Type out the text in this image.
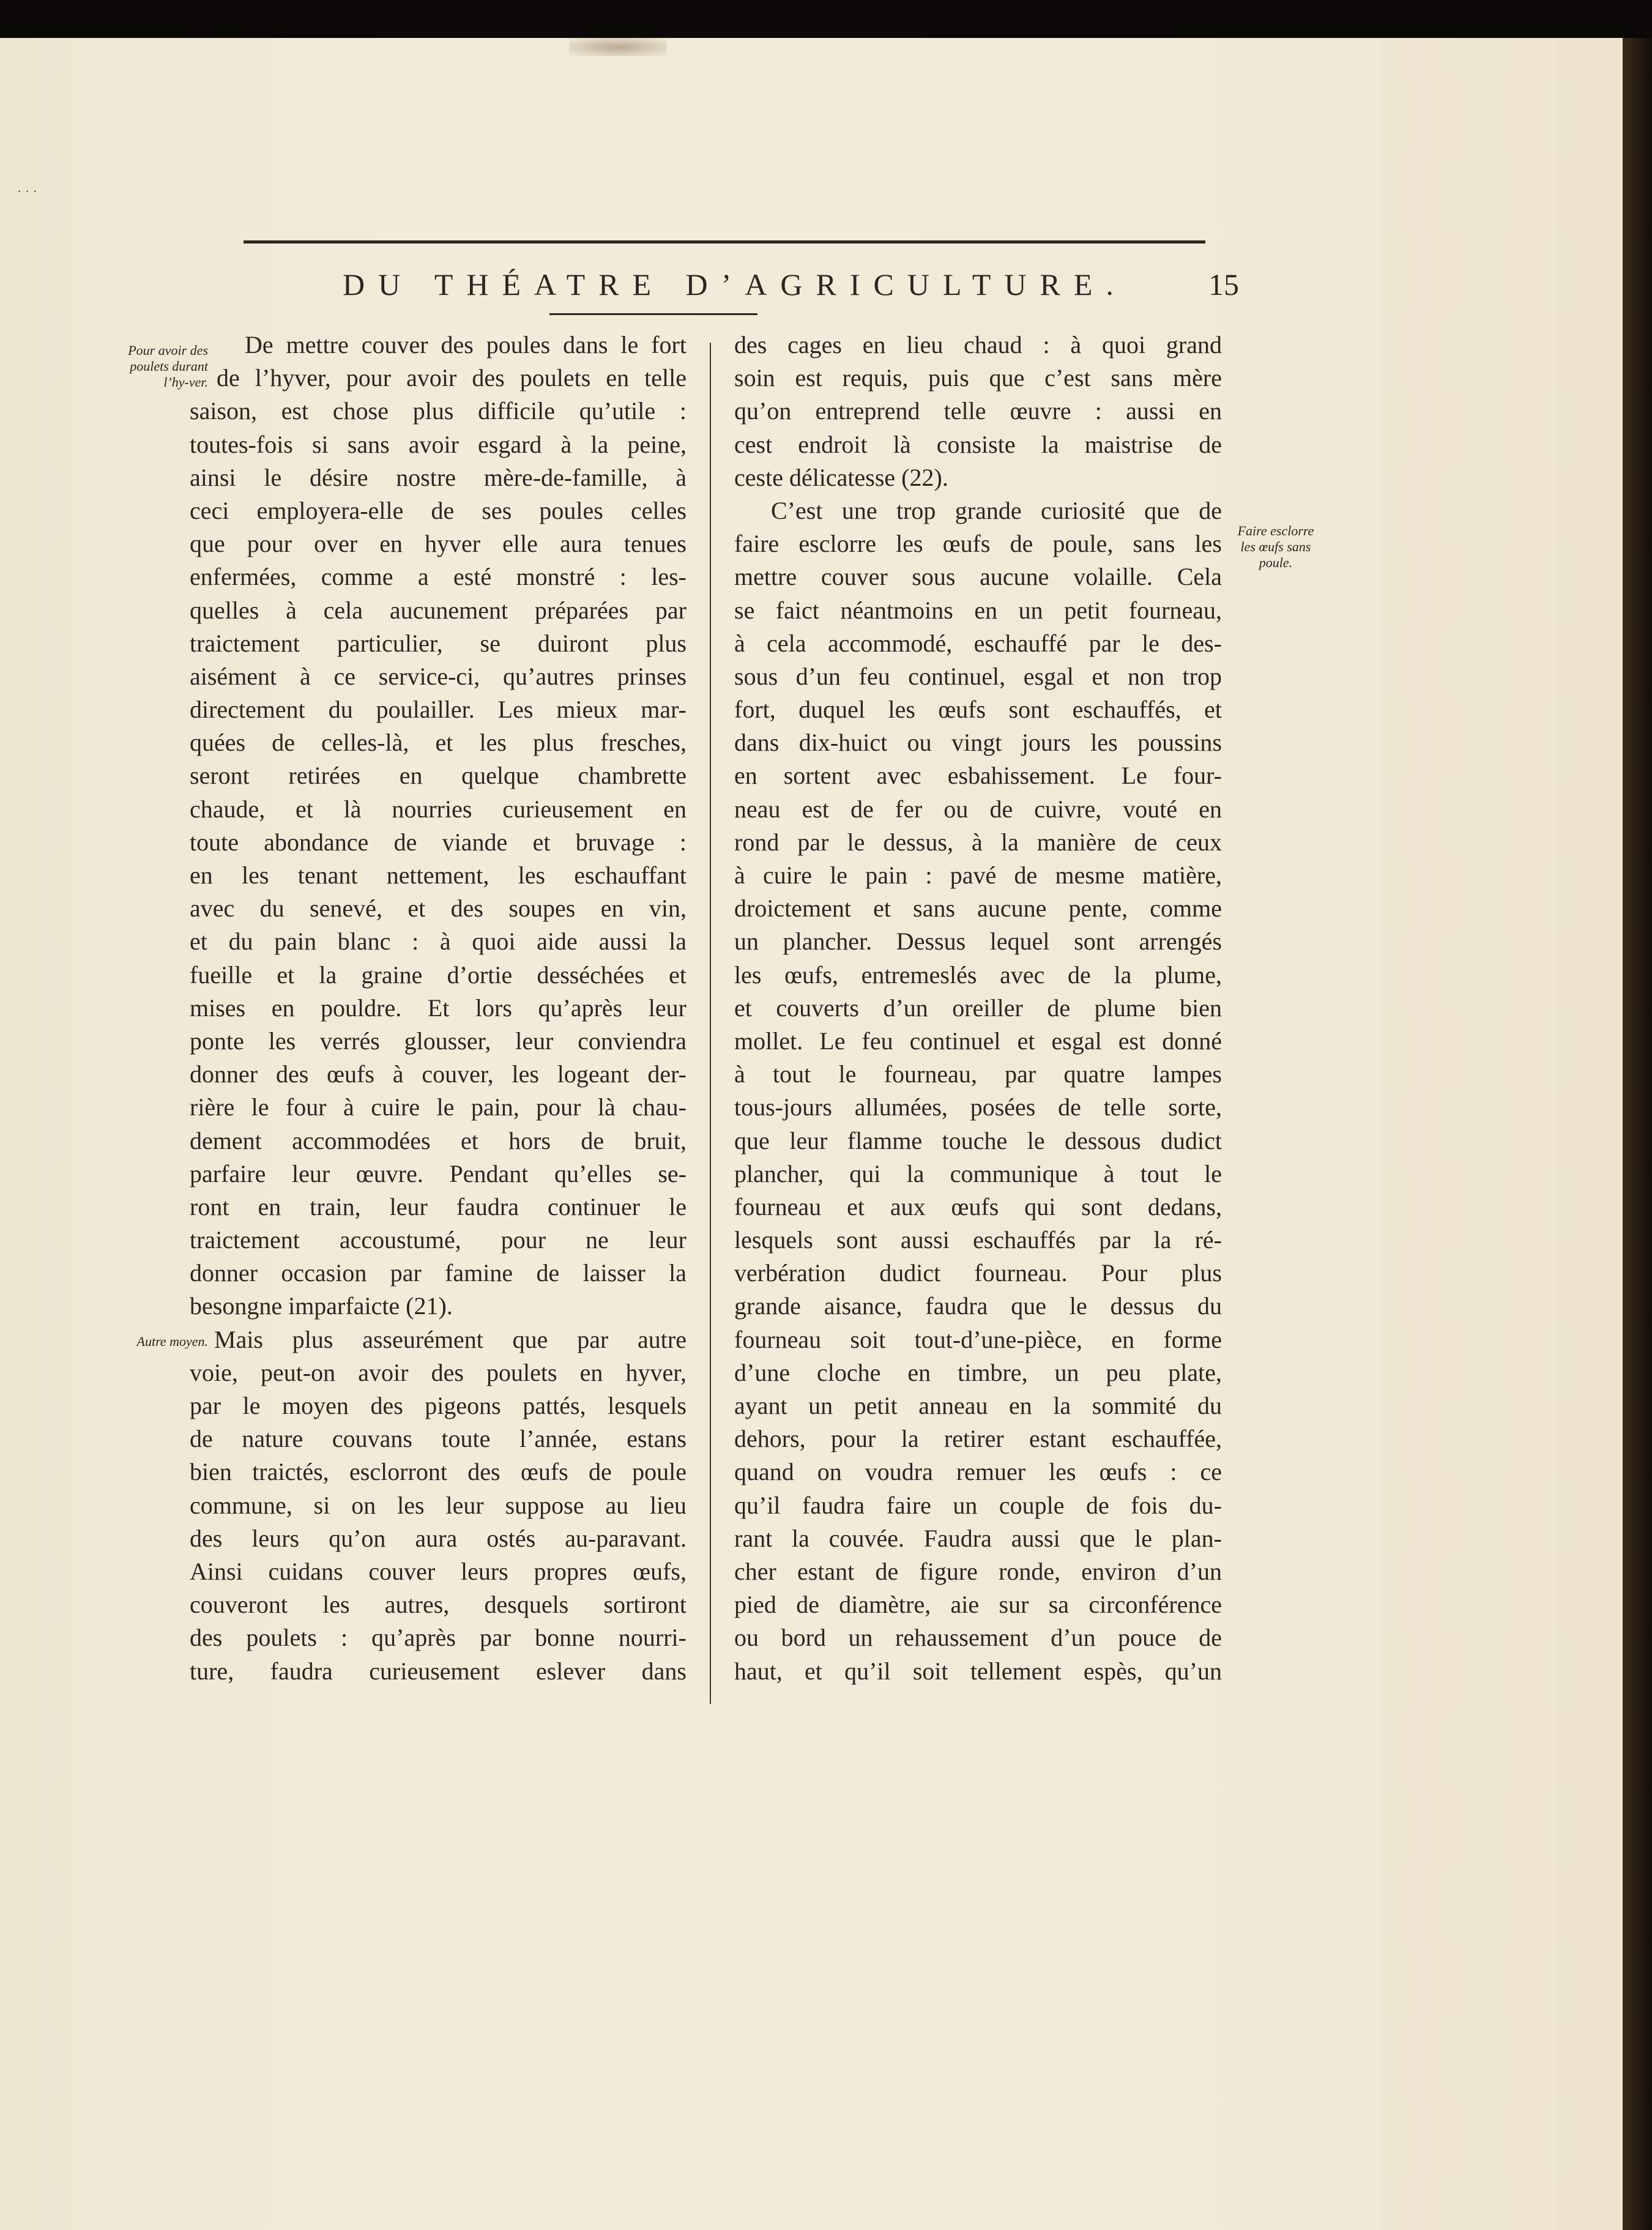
· · ·
DU THÉATRE D’AGRICULTURE.	15
Pour avoir des poulets durant l’hy-ver.
Autre moyen.
Faire esclorre les œufs sans poule.
De mettre couver des poules dans le fort
de l’hyver, pour avoir des poulets en telle
saison, est chose plus difficile qu’utile :
toutes-fois si sans avoir esgard à la peine,
ainsi le désire nostre mère-de-famille, à
ceci employera-elle de ses poules celles
que pour over en hyver elle aura tenues
enfermées, comme a esté monstré : les-
quelles à cela aucunement préparées par
traictement particulier, se duiront plus
aisément à ce service-ci, qu’autres prinses
directement du poulailler. Les mieux mar-
quées de celles-là, et les plus fresches,
seront retirées en quelque chambrette
chaude, et là nourries curieusement en
toute abondance de viande et bruvage :
en les tenant nettement, les eschauffant
avec du senevé, et des soupes en vin,
et du pain blanc : à quoi aide aussi la
fueille et la graine d’ortie desséchées et
mises en pouldre. Et lors qu’après leur
ponte les verrés glousser, leur conviendra
donner des œufs à couver, les logeant der-
rière le four à cuire le pain, pour là chau-
dement accommodées et hors de bruit,
parfaire leur œuvre. Pendant qu’elles se-
ront en train, leur faudra continuer le
traictement accoustumé, pour ne leur
donner occasion par famine de laisser la
besongne imparfaicte (21).
Mais plus asseurément que par autre
voie, peut-on avoir des poulets en hyver,
par le moyen des pigeons pattés, lesquels
de nature couvans toute l’année, estans
bien traictés, esclorront des œufs de poule
commune, si on les leur suppose au lieu
des leurs qu’on aura ostés au-paravant.
Ainsi cuidans couver leurs propres œufs,
couveront les autres, desquels sortiront
des poulets : qu’après par bonne nourri-
ture, faudra curieusement eslever dans
des cages en lieu chaud : à quoi grand
soin est requis, puis que c’est sans mère
qu’on entreprend telle œuvre : aussi en
cest endroit là consiste la maistrise de
ceste délicatesse (22).
C’est une trop grande curiosité que de
faire esclorre les œufs de poule, sans les
mettre couver sous aucune volaille. Cela
se faict néantmoins en un petit fourneau,
à cela accommodé, eschauffé par le des-
sous d’un feu continuel, esgal et non trop
fort, duquel les œufs sont eschauffés, et
dans dix-huict ou vingt jours les poussins
en sortent avec esbahissement. Le four-
neau est de fer ou de cuivre, vouté en
rond par le dessus, à la manière de ceux
à cuire le pain : pavé de mesme matière,
droictement et sans aucune pente, comme
un plancher. Dessus lequel sont arrengés
les œufs, entremeslés avec de la plume,
et couverts d’un oreiller de plume bien
mollet. Le feu continuel et esgal est donné
à tout le fourneau, par quatre lampes
tous-jours allumées, posées de telle sorte,
que leur flamme touche le dessous dudict
plancher, qui la communique à tout le
fourneau et aux œufs qui sont dedans,
lesquels sont aussi eschauffés par la ré-
verbération dudict fourneau. Pour plus
grande aisance, faudra que le dessus du
fourneau soit tout-d’une-pièce, en forme
d’une cloche en timbre, un peu plate,
ayant un petit anneau en la sommité du
dehors, pour la retirer estant eschauffée,
quand on voudra remuer les œufs : ce
qu’il faudra faire un couple de fois du-
rant la couvée. Faudra aussi que le plan-
cher estant de figure ronde, environ d’un
pied de diamètre, aie sur sa circonférence
ou bord un rehaussement d’un pouce de
haut, et qu’il soit tellement espès, qu’un
